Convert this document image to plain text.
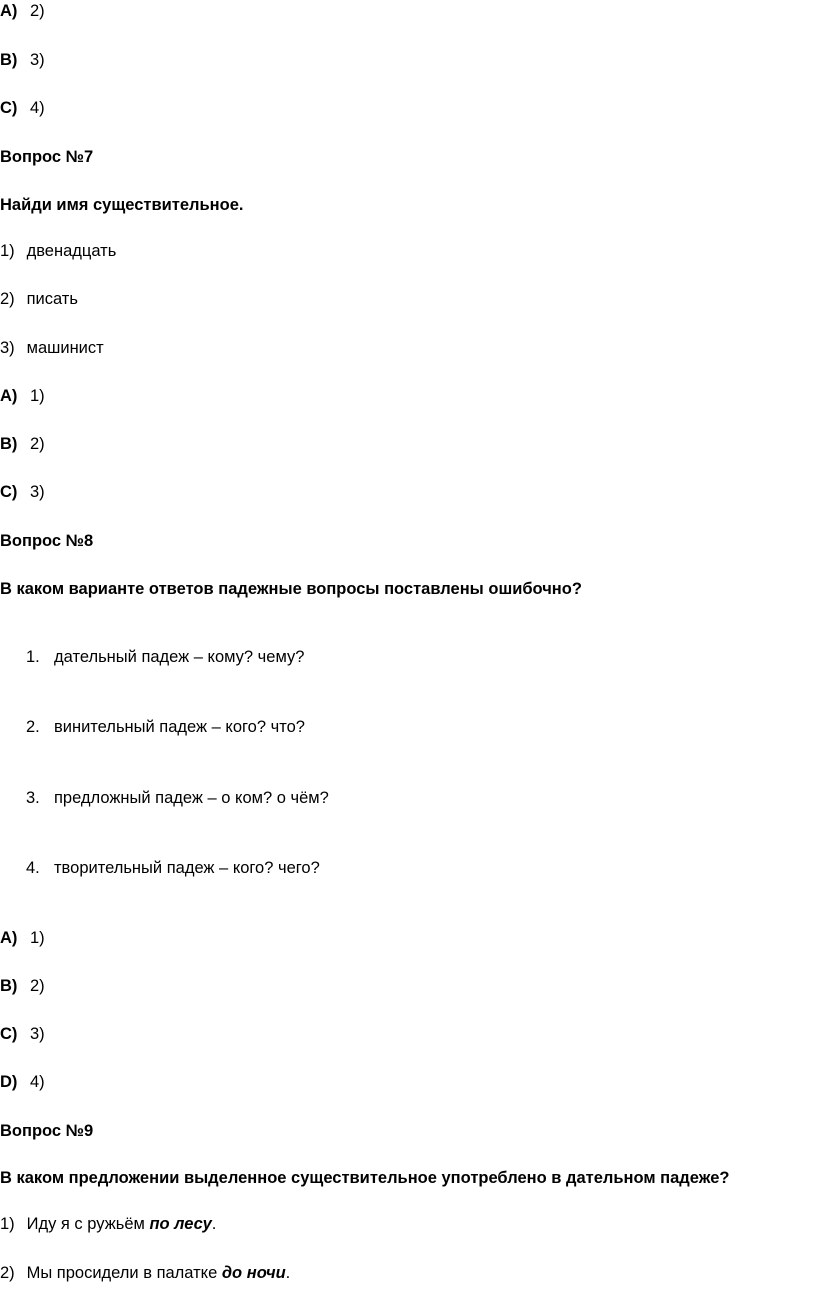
A) 2)
B) 3)
C) 4)
Вопрос №7
Найди имя существительное.
1) двенадцать
2) писать
3) машинист
A) 1)
B) 2)
C) 3)
Вопрос №8
В каком варианте ответов падежные вопросы поставлены ошибочно?
1. дательный падеж – кому? чему?
2. винительный падеж – кого? что?
3. предложный падеж – о ком? о чём?
4. творительный падеж – кого? чего?
A) 1)
B) 2)
C) 3)
D) 4)
Вопрос №9
В каком предложении выделенное существительное употреблено в дательном падеже?
1) Иду я с ружьём по лесу.
2) Мы просидели в палатке до ночи.
